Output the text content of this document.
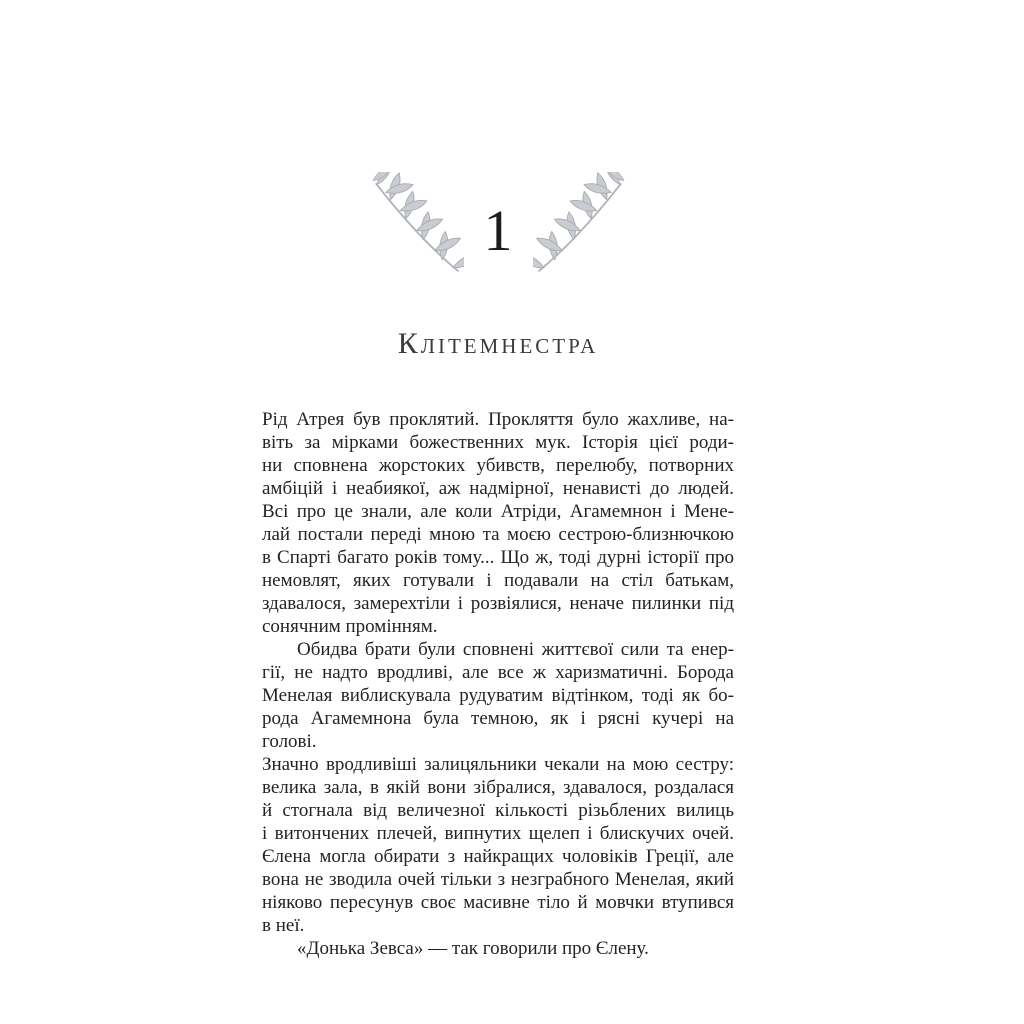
1
КЛІТЕМНЕСТРА
Рід Атрея був проклятий. Прокляття було жахливе, на-
віть за мірками божественних мук. Історія цієї роди-
ни сповнена жорстоких убивств, перелюбу, потворних
амбіцій і неабиякої, аж надмірної, ненависті до людей.
Всі про це знали, але коли Атріди, Агамемнон і Мене-
лай постали переді мною та моєю сестрою-близнючкою
в Спарті багато років тому... Що ж, тоді дурні історії про
немовлят, яких готували і подавали на стіл батькам,
здавалося, замерехтіли і розвіялися, неначе пилинки під
сонячним промінням.
Обидва брати були сповнені життєвої сили та енер-
гії, не надто вродливі, але все ж харизматичні. Борода
Менелая виблискувала рудуватим відтінком, тоді як бо-
рода Агамемнона була темною, як і рясні кучері на голові.
Значно вродливіші залицяльники чекали на мою сестру:
велика зала, в якій вони зібралися, здавалося, роздалася
й стогнала від величезної кількості різьблених вилиць
і витончених плечей, випнутих щелеп і блискучих очей.
Єлена могла обирати з найкращих чоловіків Греції, але
вона не зводила очей тільки з незграбного Менелая, який
ніяково пересунув своє масивне тіло й мовчки втупився
в неї.
«Донька Зевса» — так говорили про Єлену.
